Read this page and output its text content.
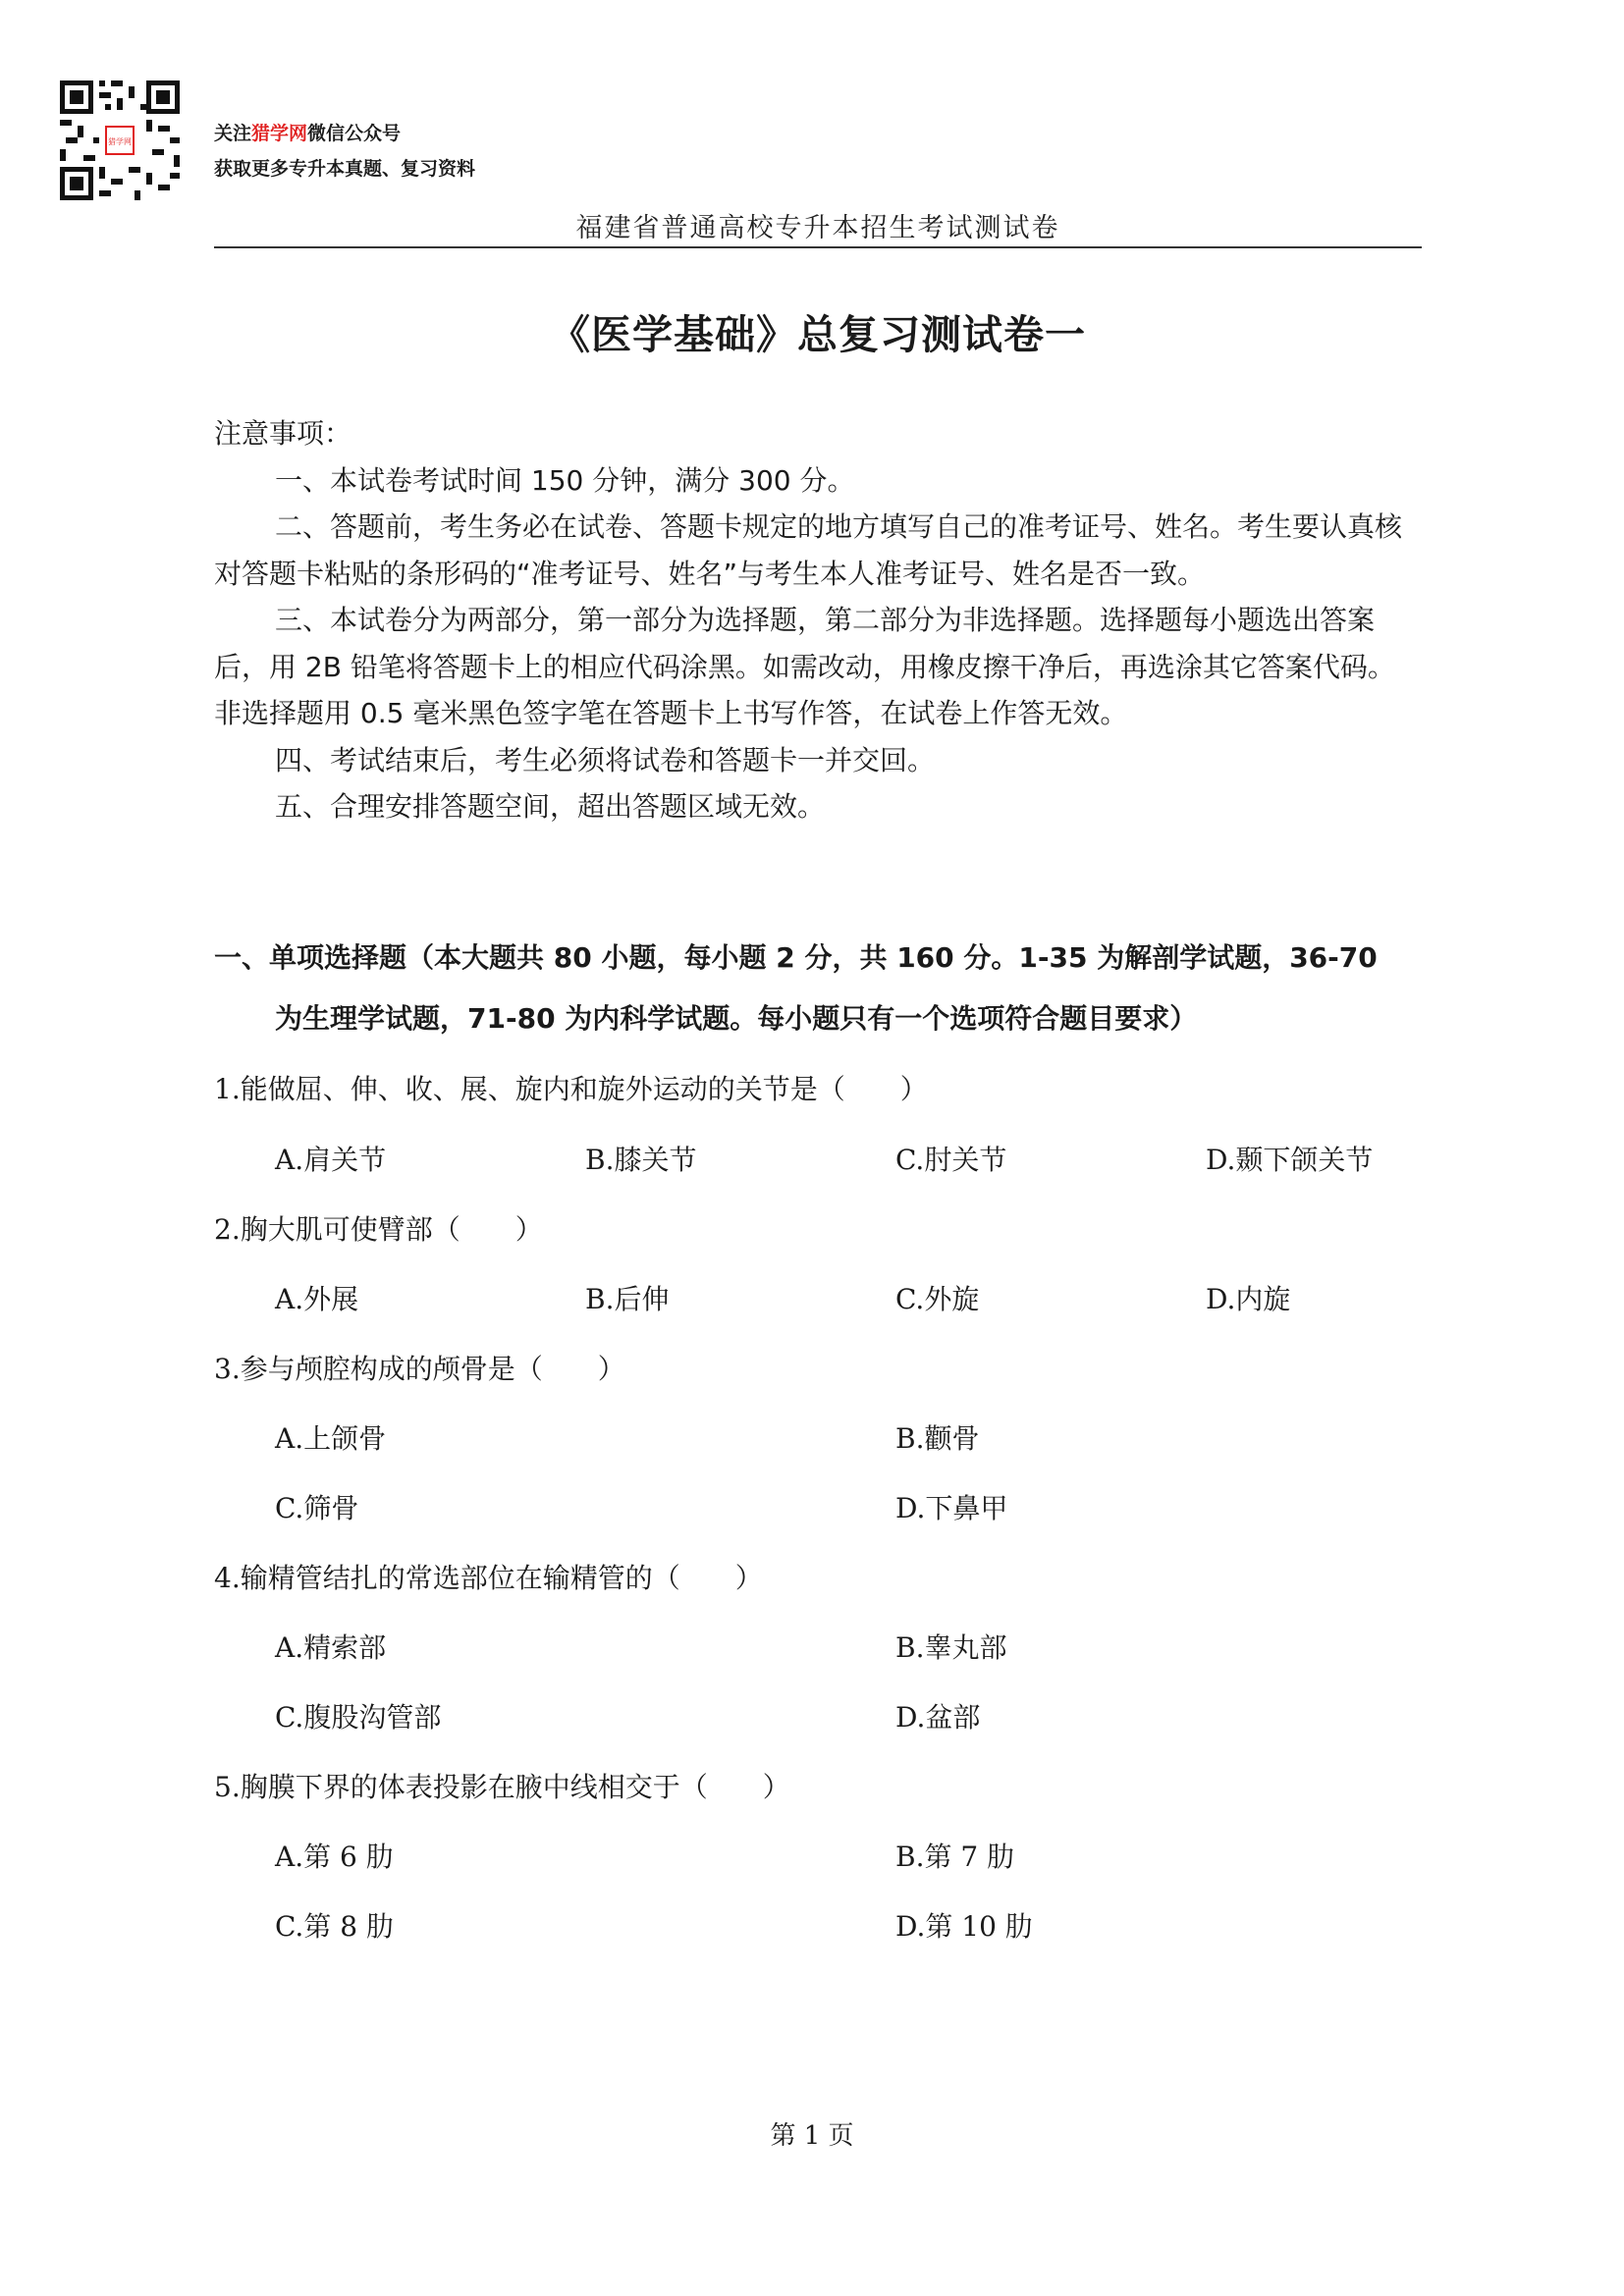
猎学网	关注猎学网微信公众号
获取更多专升本真题、复习资料
福建省普通高校专升本招生考试测试卷
《医学基础》总复习测试卷一

注意事项：

一、本试卷考试时间 150 分钟，满分 300 分。

二、答题前，考生务必在试卷、答题卡规定的地方填写自己的准考证号、姓名。考生要认真核对答题卡粘贴的条形码的“准考证号、姓名”与考生本人准考证号、姓名是否一致。

三、本试卷分为两部分，第一部分为选择题，第二部分为非选择题。选择题每小题选出答案后，用 2B 铅笔将答题卡上的相应代码涂黑。如需改动，用橡皮擦干净后，再选涂其它答案代码。非选择题用 0.5 毫米黑色签字笔在答题卡上书写作答，在试卷上作答无效。

四、考试结束后，考生必须将试卷和答题卡一并交回。

五、合理安排答题空间，超出答题区域无效。

一、单项选择题（本大题共 80 小题，每小题 2 分，共 160 分。1-35 为解剖学试题，36-70
为生理学试题，71-80 为内科学试题。每小题只有一个选项符合题目要求）
1.能做屈、伸、收、展、旋内和旋外运动的关节是（　　）
A.肩关节	B.膝关节	C.肘关节	D.颞下颌关节
2.胸大肌可使臂部（　　）
A.外展	B.后伸	C.外旋	D.内旋
3.参与颅腔构成的颅骨是（　　）
A.上颌骨	B.颧骨
C.筛骨	D.下鼻甲
4.输精管结扎的常选部位在输精管的（　　）
A.精索部	B.睾丸部
C.腹股沟管部	D.盆部
5.胸膜下界的体表投影在腋中线相交于（　　）
A.第 6 肋	B.第 7 肋
C.第 8 肋	D.第 10 肋
第 1 页
